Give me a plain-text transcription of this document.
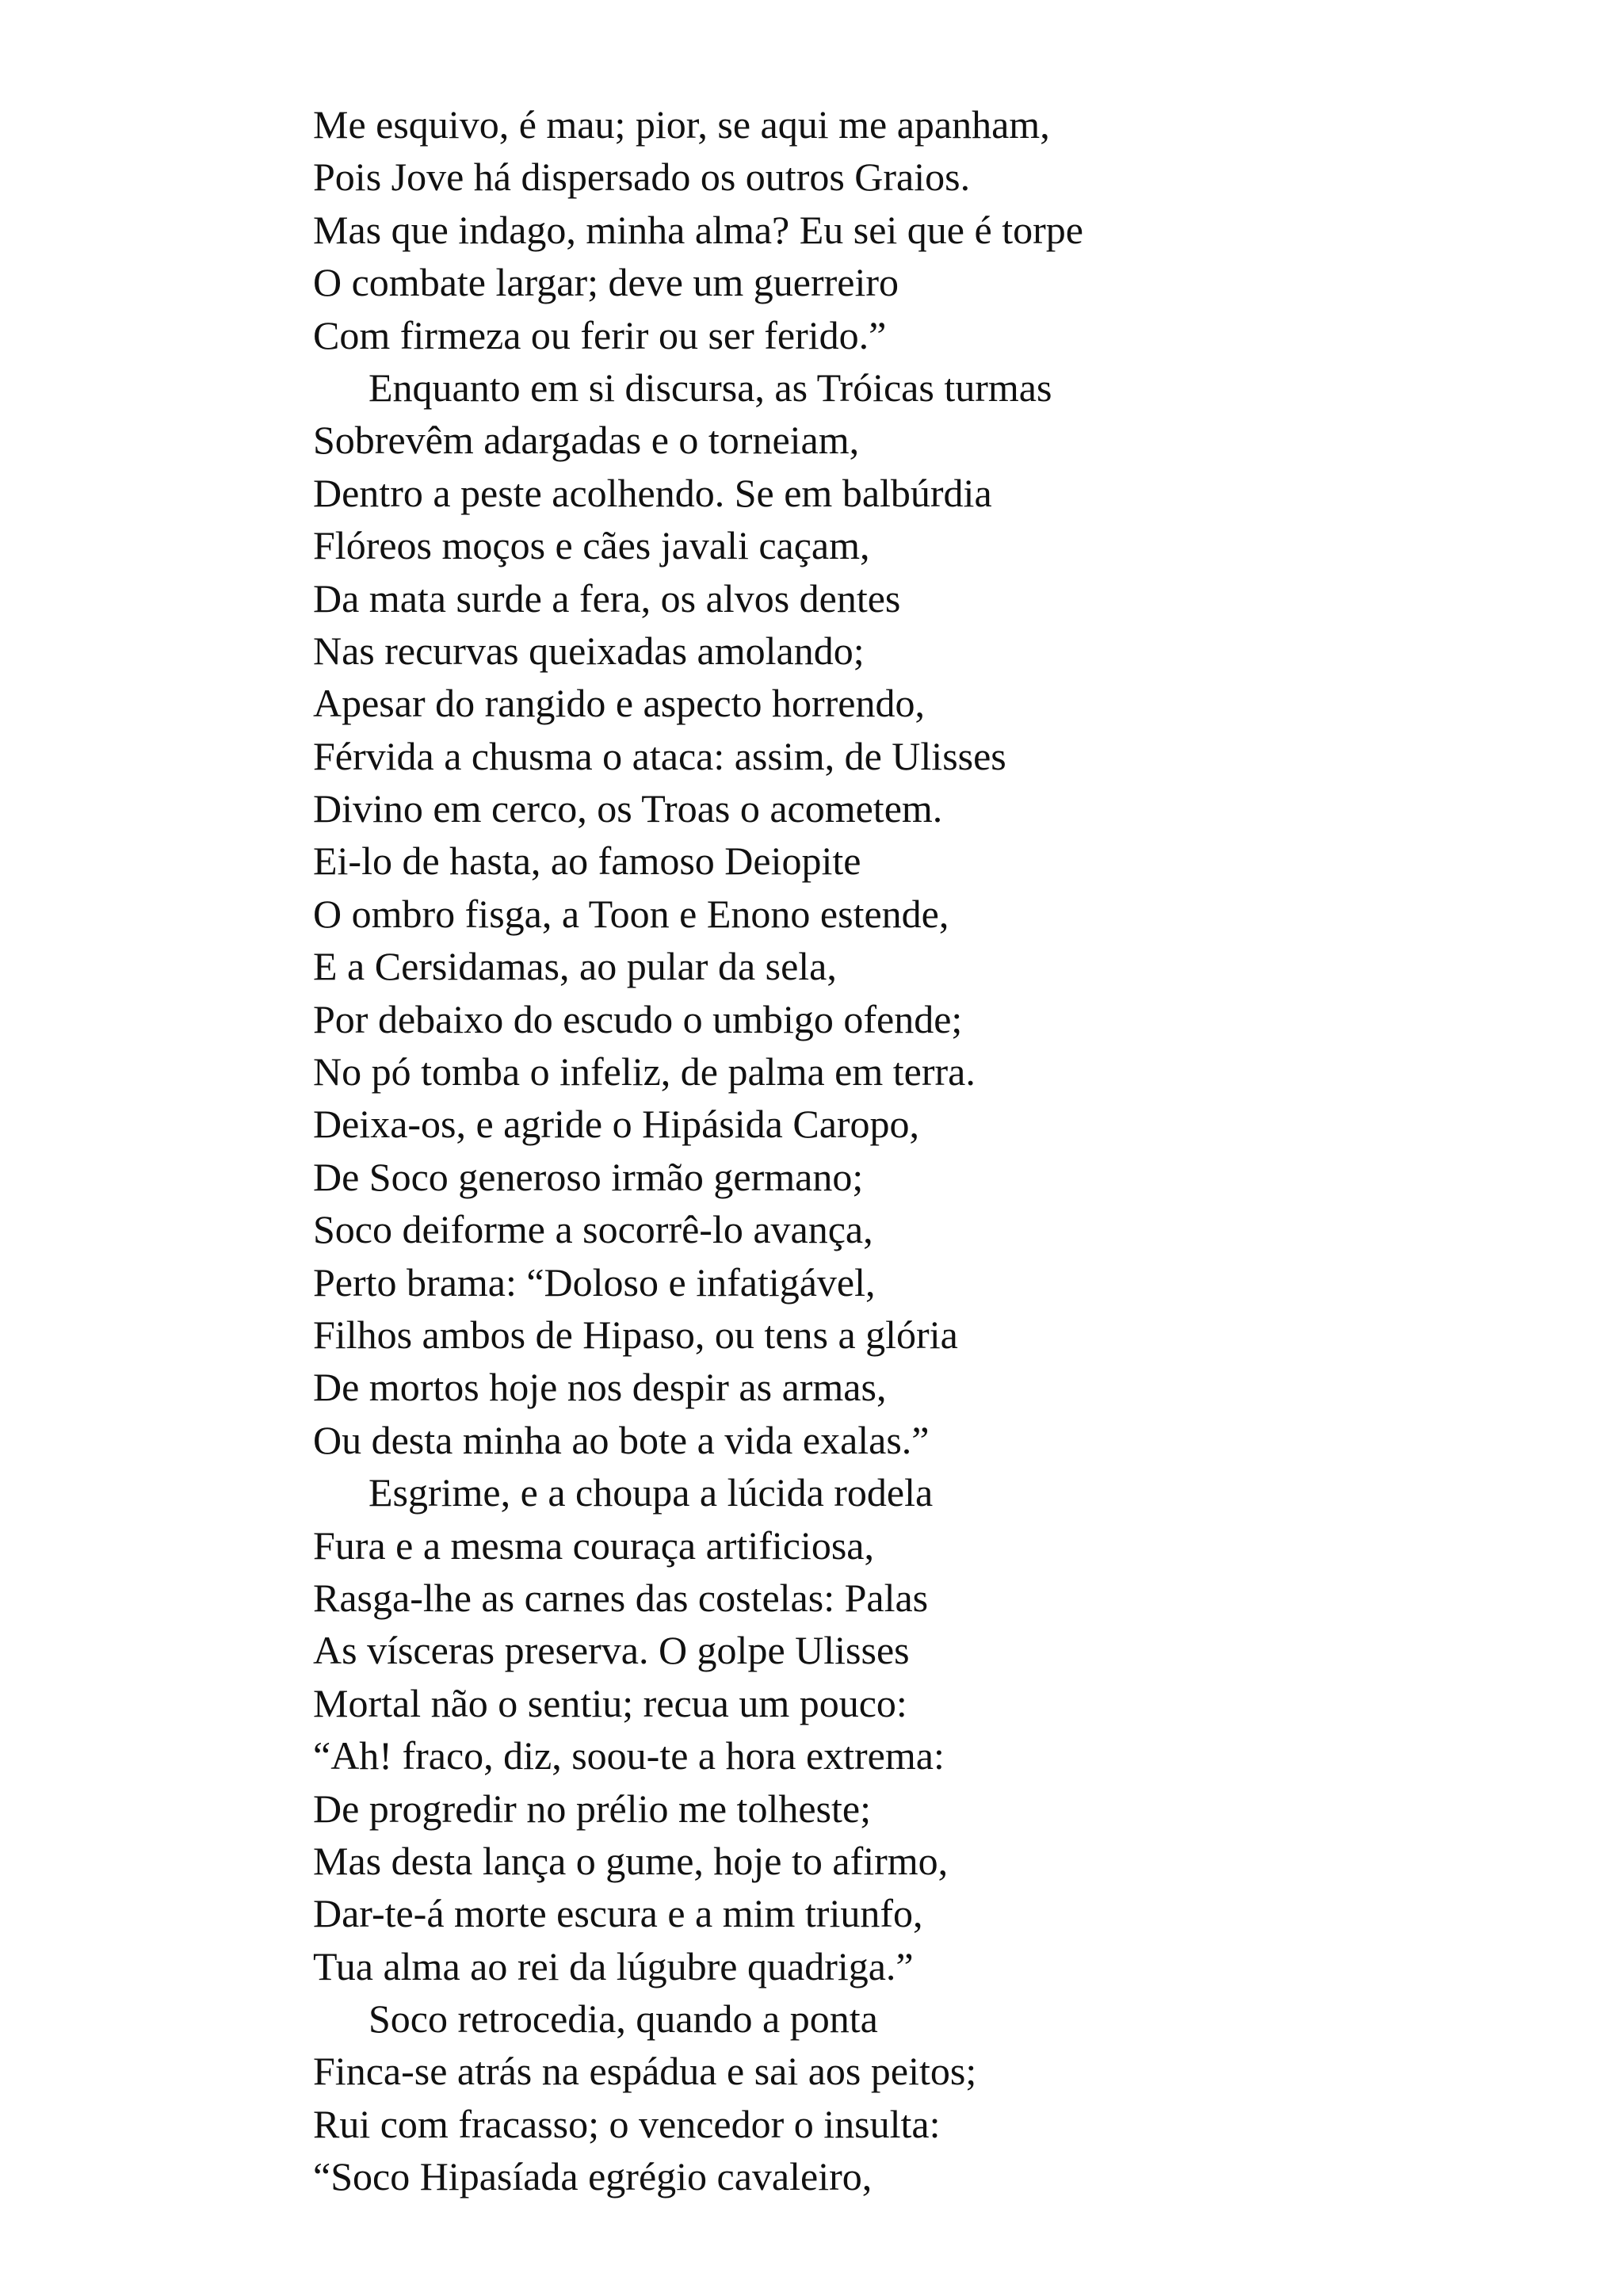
Me esquivo, é mau; pior, se aqui me apanham,
Pois Jove há dispersado os outros Graios.
Mas que indago, minha alma? Eu sei que é torpe
O combate largar; deve um guerreiro
Com firmeza ou ferir ou ser ferido.”
Enquanto em si discursa, as Tróicas turmas
Sobrevêm adargadas e o torneiam,
Dentro a peste acolhendo. Se em balbúrdia
Flóreos moços e cães javali caçam,
Da mata surde a fera, os alvos dentes
Nas recurvas queixadas amolando;
Apesar do rangido e aspecto horrendo,
Férvida a chusma o ataca: assim, de Ulisses
Divino em cerco, os Troas o acometem.
Ei-lo de hasta, ao famoso Deiopite
O ombro fisga, a Toon e Enono estende,
E a Cersidamas, ao pular da sela,
Por debaixo do escudo o umbigo ofende;
No pó tomba o infeliz, de palma em terra.
Deixa-os, e agride o Hipásida Caropo,
De Soco generoso irmão germano;
Soco deiforme a socorrê-lo avança,
Perto brama: “Doloso e infatigável,
Filhos ambos de Hipaso, ou tens a glória
De mortos hoje nos despir as armas,
Ou desta minha ao bote a vida exalas.”
Esgrime, e a choupa a lúcida rodela
Fura e a mesma couraça artificiosa,
Rasga-lhe as carnes das costelas: Palas
As vísceras preserva. O golpe Ulisses
Mortal não o sentiu; recua um pouco:
“Ah! fraco, diz, soou-te a hora extrema:
De progredir no prélio me tolheste;
Mas desta lança o gume, hoje to afirmo,
Dar-te-á morte escura e a mim triunfo,
Tua alma ao rei da lúgubre quadriga.”
Soco retrocedia, quando a ponta
Finca-se atrás na espádua e sai aos peitos;
Rui com fracasso; o vencedor o insulta:
“Soco Hipasíada egrégio cavaleiro,
